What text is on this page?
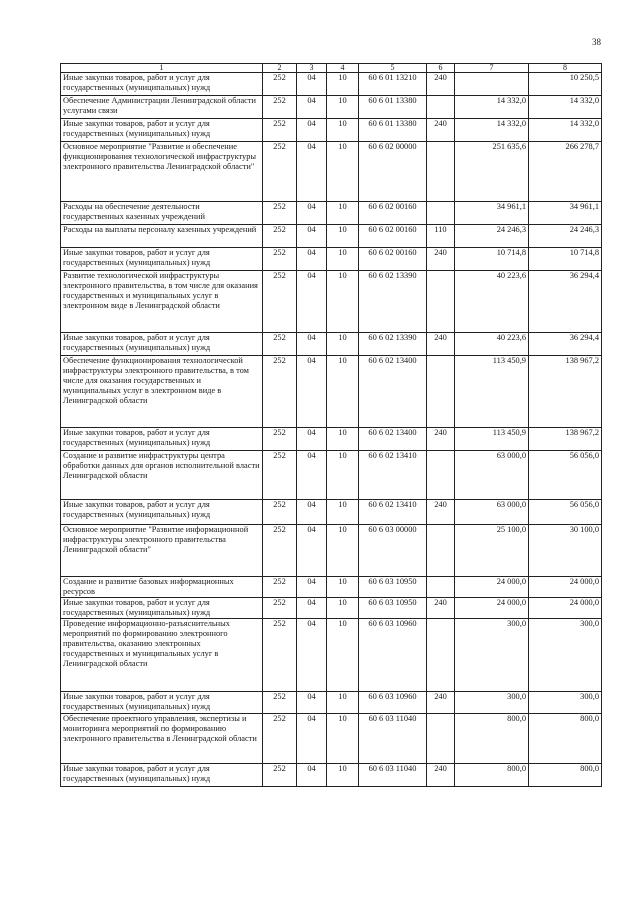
38
1	2	3	4	5	6	7	8
Иные закупки товаров, работ и услуг для государственных (муниципальных) нужд	252	04	10	60 6 01 13210	240		10 250,5
Обеспечение Администрации Ленинградской области услугами связи	252	04	10	60 6 01 13380		14 332,0	14 332,0
Иные закупки товаров, работ и услуг для государственных (муниципальных) нужд	252	04	10	60 6 01 13380	240	14 332,0	14 332,0
Основное мероприятие "Развитие и обеспечение функционирования технологической инфраструктуры электронного правительства Ленинградской области"	252	04	10	60 6 02 00000		251 635,6	266 278,7
Расходы на обеспечение деятельности государственных казенных учреждений	252	04	10	60 6 02 00160		34 961,1	34 961,1
Расходы на выплаты персоналу казенных учреждений	252	04	10	60 6 02 00160	110	24 246,3	24 246,3
Иные закупки товаров, работ и услуг для государственных (муниципальных) нужд	252	04	10	60 6 02 00160	240	10 714,8	10 714,8
Развитие технологической инфраструктуры электронного правительства, в том числе для оказания государственных и муниципальных услуг в электронном виде в Ленинградской области	252	04	10	60 6 02 13390		40 223,6	36 294,4
Иные закупки товаров, работ и услуг для государственных (муниципальных) нужд	252	04	10	60 6 02 13390	240	40 223,6	36 294,4
Обеспечение функционирования технологической инфраструктуры электронного правительства, в том числе для оказания государственных и муниципальных услуг в электронном виде в Ленинградской области	252	04	10	60 6 02 13400		113 450,9	138 967,2
Иные закупки товаров, работ и услуг для государственных (муниципальных) нужд	252	04	10	60 6 02 13400	240	113 450,9	138 967,2
Создание и развитие инфраструктуры центра обработки данных для органов исполнительной власти Ленинградской области	252	04	10	60 6 02 13410		63 000,0	56 056,0
Иные закупки товаров, работ и услуг для государственных (муниципальных) нужд	252	04	10	60 6 02 13410	240	63 000,0	56 056,0
Основное мероприятие "Развитие информационной инфраструктуры электронного правительства Ленинградской области"	252	04	10	60 6 03 00000		25 100,0	30 100,0
Создание и развитие базовых информационных ресурсов	252	04	10	60 6 03 10950		24 000,0	24 000,0
Иные закупки товаров, работ и услуг для государственных (муниципальных) нужд	252	04	10	60 6 03 10950	240	24 000,0	24 000,0
Проведение информационно-разъяснительных мероприятий по формированию электронного правительства, оказанию электронных государственных и муниципальных услуг в Ленинградской области	252	04	10	60 6 03 10960		300,0	300,0
Иные закупки товаров, работ и услуг для государственных (муниципальных) нужд	252	04	10	60 6 03 10960	240	300,0	300,0
Обеспечение проектного управления, экспертизы и мониторинга мероприятий по формированию электронного правительства в Ленинградской области	252	04	10	60 6 03 11040		800,0	800,0
Иные закупки товаров, работ и услуг для государственных (муниципальных) нужд	252	04	10	60 6 03 11040	240	800,0	800,0
